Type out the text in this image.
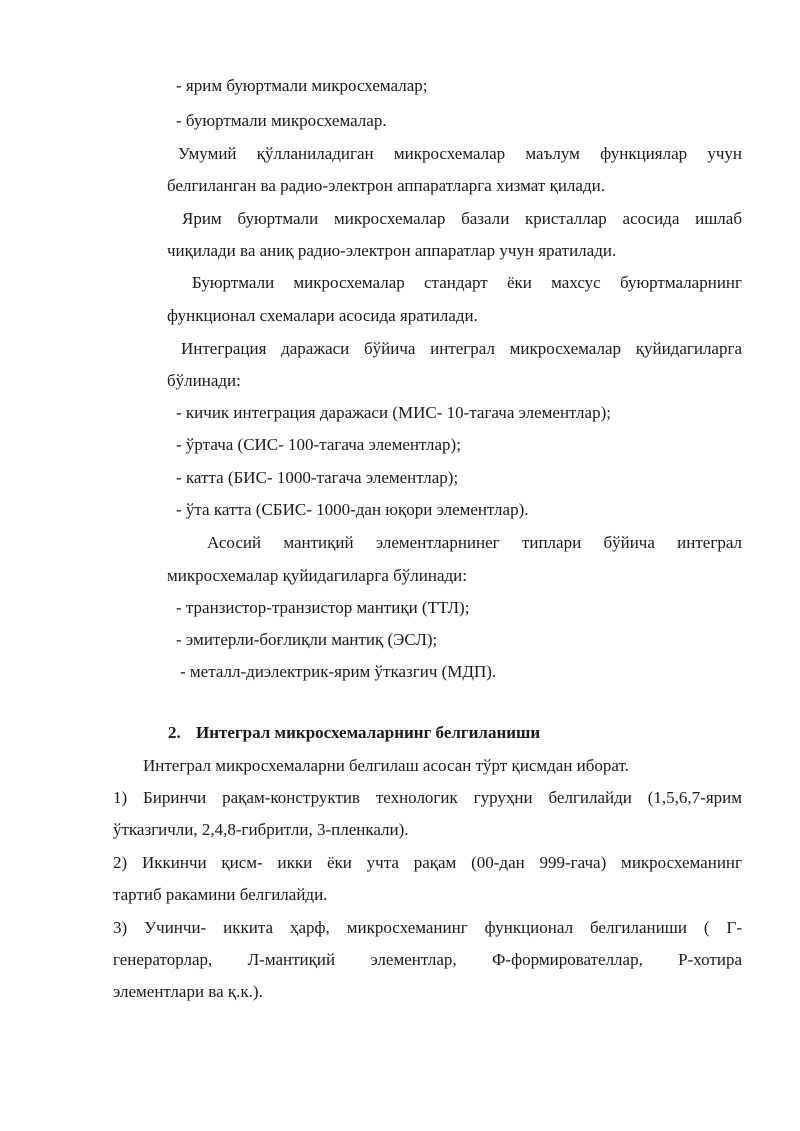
- ярим буюртмали микросхемалар;
- буюртмали микросхемалар.
Умумий қўлланиладиган микросхемалар маълум функциялар учун
белгиланган ва радио-электрон аппаратларга хизмат қилади.
Ярим буюртмали микросхемалар базали кристаллар асосида ишлаб
чиқилади ва аниқ радио-электрон аппаратлар учун яратилади.
Буюртмали микросхемалар стандарт ёки махсус буюртмаларнинг
функционал схемалари асосида яратилади.
Интеграция даражаси бўйича интеграл микросхемалар қуйидагиларга
бўлинади:
- кичик интеграция даражаси (МИС- 10-тагача элементлар);
- ўртача (СИС- 100-тагача элементлар);
- катта (БИС- 1000-тагача элементлар);
- ўта катта (СБИС- 1000-дан юқори элементлар).
Асосий мантиқий элементларнинег типлари бўйича интеграл
микросхемалар қуйидагиларга бўлинади:
- транзистор-транзистор мантиқи (ТТЛ);
- эмитерли-боғлиқли мантиқ (ЭСЛ);
- металл-диэлектрик-ярим ўтказгич (МДП).
2. Интеграл микросхемаларнинг белгиланиши
Интеграл микросхемаларни белгилаш асосан тўрт қисмдан иборат.
1) Биринчи рақам-конструктив технологик гуруҳни белгилайди (1,5,6,7-ярим
ўтказгичли, 2,4,8-гибритли, 3-пленкали).
2) Иккинчи қисм- икки ёки учта рақам (00-дан 999-гача) микросхеманинг
тартиб ракамини белгилайди.
3) Учинчи- иккита ҳарф, микросхеманинг функционал белгиланиши ( Г-
генераторлар, Л-мантиқий элементлар, Ф-формирователлар, Р-хотира
элементлари ва қ.к.).
